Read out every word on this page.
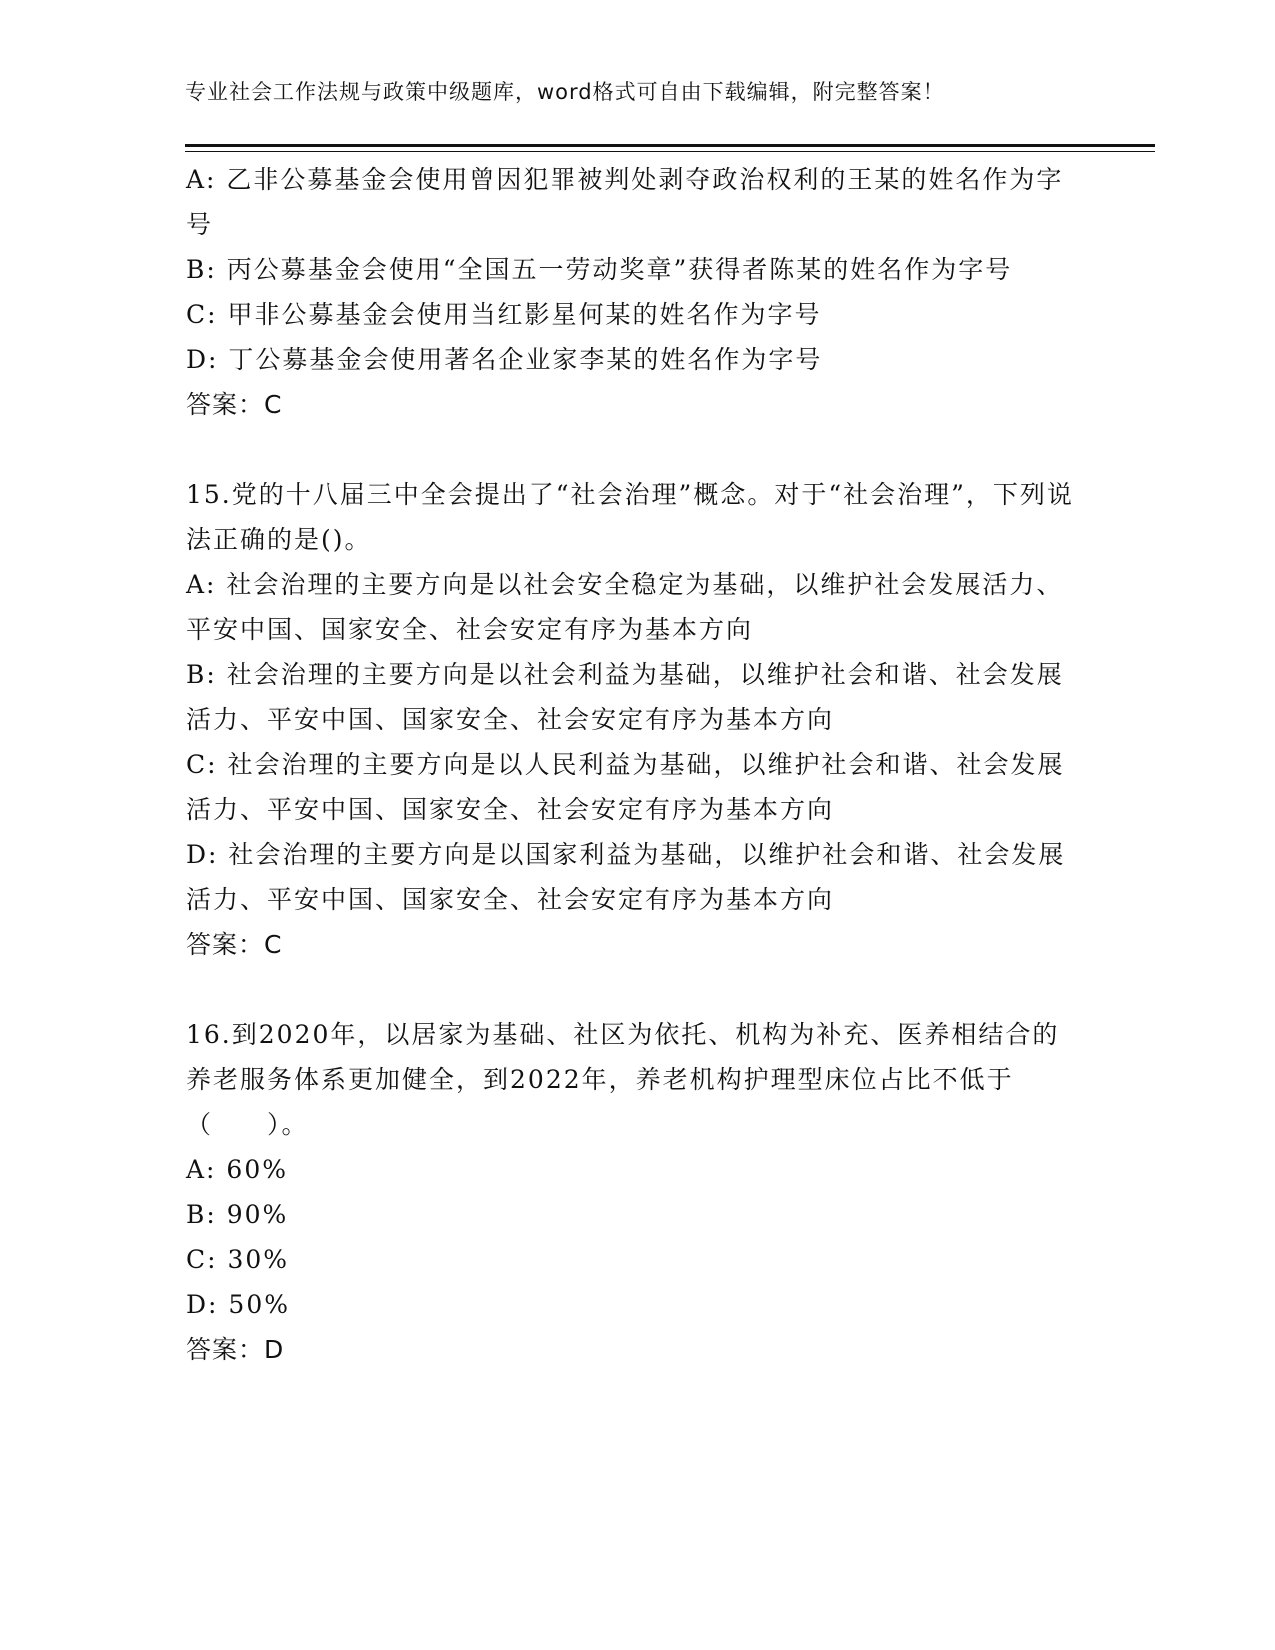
专业社会工作法规与政策中级题库，word格式可自由下载编辑，附完整答案！

A: 乙非公募基金会使用曾因犯罪被判处剥夺政治权利的王某的姓名作为字号

B: 丙公募基金会使用“全国五一劳动奖章”获得者陈某的姓名作为字号

C: 甲非公募基金会使用当红影星何某的姓名作为字号

D: 丁公募基金会使用著名企业家李某的姓名作为字号

答案：C

15.党的十八届三中全会提出了“社会治理”概念。对于“社会治理”，下列说法正确的是()。

A: 社会治理的主要方向是以社会安全稳定为基础，以维护社会发展活力、平安中国、国家安全、社会安定有序为基本方向

B: 社会治理的主要方向是以社会利益为基础，以维护社会和谐、社会发展活力、平安中国、国家安全、社会安定有序为基本方向

C: 社会治理的主要方向是以人民利益为基础，以维护社会和谐、社会发展活力、平安中国、国家安全、社会安定有序为基本方向

D: 社会治理的主要方向是以国家利益为基础，以维护社会和谐、社会发展活力、平安中国、国家安全、社会安定有序为基本方向

答案：C

16.到2020年，以居家为基础、社区为依托、机构为补充、医养相结合的养老服务体系更加健全，到2022年，养老机构护理型床位占比不低于（　　）。

A: 60%

B: 90%

C: 30%

D: 50%

答案：D
